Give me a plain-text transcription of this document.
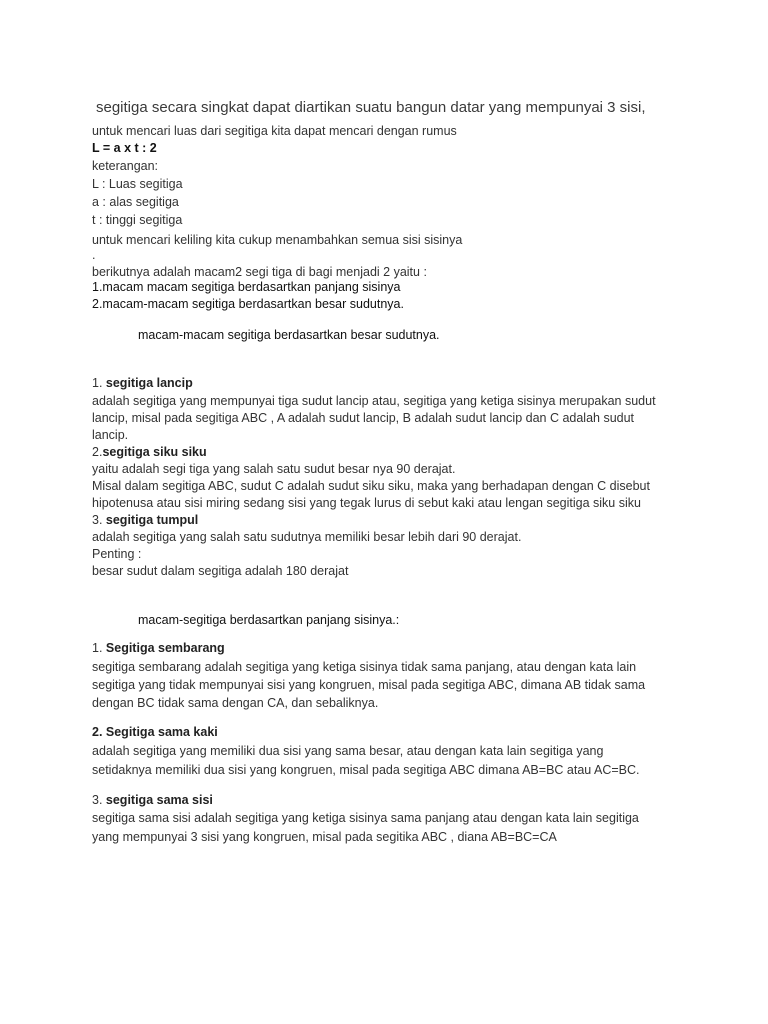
segitiga secara singkat dapat diartikan suatu bangun datar yang mempunyai 3 sisi,
untuk mencari luas dari segitiga kita dapat mencari dengan rumus
L = a x t : 2
keterangan:
L : Luas segitiga
a : alas segitiga
t : tinggi segitiga
untuk mencari keliling kita cukup menambahkan semua sisi sisinya
.
berikutnya adalah macam2 segi tiga di bagi menjadi 2 yaitu :
1.macam macam segitiga berdasartkan panjang sisinya
2.macam-macam segitiga berdasartkan besar sudutnya.
macam-macam segitiga berdasartkan besar sudutnya.
1. segitiga lancip
adalah segitiga yang mempunyai tiga sudut lancip atau, segitiga yang ketiga sisinya merupakan sudut
lancip, misal pada segitiga ABC , A adalah sudut lancip, B adalah sudut lancip dan C adalah sudut
lancip.
2.segitiga siku siku
yaitu adalah segi tiga yang salah satu sudut besar nya 90 derajat.
Misal dalam segitiga ABC, sudut C adalah sudut siku siku, maka yang berhadapan dengan C disebut
hipotenusa atau sisi miring sedang sisi yang tegak lurus di sebut kaki atau lengan segitiga siku siku
3. segitiga tumpul
adalah segitiga yang salah satu sudutnya memiliki besar lebih dari 90 derajat.
Penting :
besar sudut dalam segitiga adalah 180 derajat
macam-segitiga berdasartkan panjang sisinya.:
1. Segitiga sembarang
segitiga sembarang adalah segitiga yang ketiga sisinya tidak sama panjang, atau dengan kata lain
segitiga yang tidak mempunyai sisi yang kongruen, misal pada segitiga ABC, dimana AB tidak sama
dengan BC tidak sama dengan CA, dan sebaliknya.
2. Segitiga sama kaki
adalah segitiga yang memiliki dua sisi yang sama besar, atau dengan kata lain segitiga yang
setidaknya memiliki dua sisi yang kongruen, misal pada segitiga ABC dimana AB=BC atau AC=BC.
3. segitiga sama sisi
segitiga sama sisi adalah segitiga yang ketiga sisinya sama panjang atau dengan kata lain segitiga
yang mempunyai 3 sisi yang kongruen, misal pada segitika ABC , diana AB=BC=CA
